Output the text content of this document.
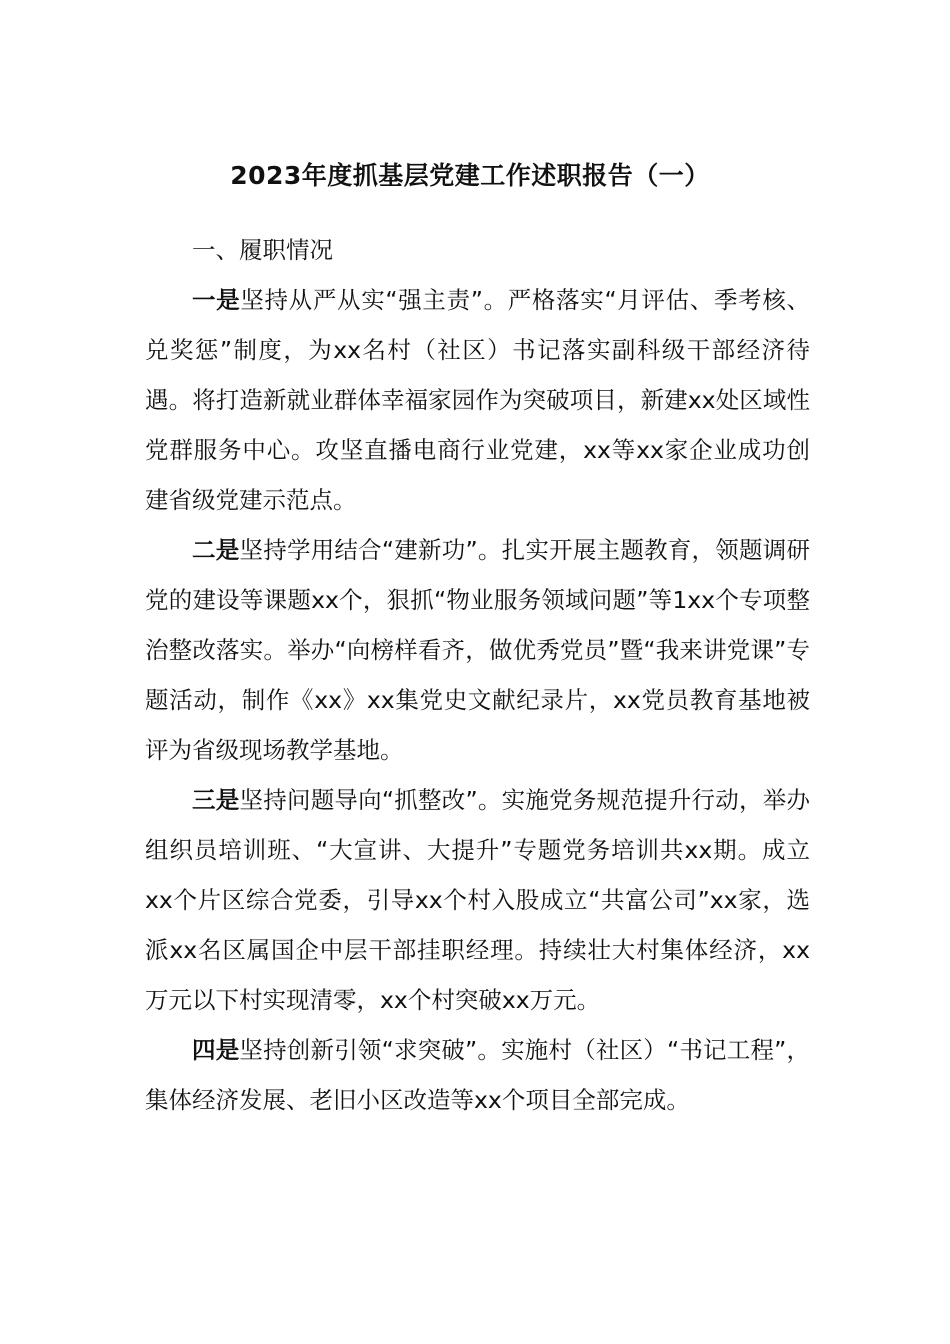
2023年度抓基层党建工作述职报告（一）

一、履职情况

一是坚持从严从实“强主责”。严格落实“月评估、季考核、兑奖惩”制度，为xx名村（社区）书记落实副科级干部经济待遇。将打造新就业群体幸福家园作为突破项目，新建xx处区域性党群服务中心。攻坚直播电商行业党建，xx等xx家企业成功创建省级党建示范点。

二是坚持学用结合“建新功”。扎实开展主题教育，领题调研党的建设等课题xx个，狠抓“物业服务领域问题”等1xx个专项整治整改落实。举办“向榜样看齐，做优秀党员”暨“我来讲党课”专题活动，制作《xx》xx集党史文献纪录片，xx党员教育基地被评为省级现场教学基地。

三是坚持问题导向“抓整改”。实施党务规范提升行动，举办组织员培训班、“大宣讲、大提升”专题党务培训共xx期。成立xx个片区综合党委，引导xx个村入股成立“共富公司”xx家，选派xx名区属国企中层干部挂职经理。持续壮大村集体经济，xx万元以下村实现清零，xx个村突破xx万元。

四是坚持创新引领“求突破”。实施村（社区）“书记工程”，集体经济发展、老旧小区改造等xx个项目全部完成。
